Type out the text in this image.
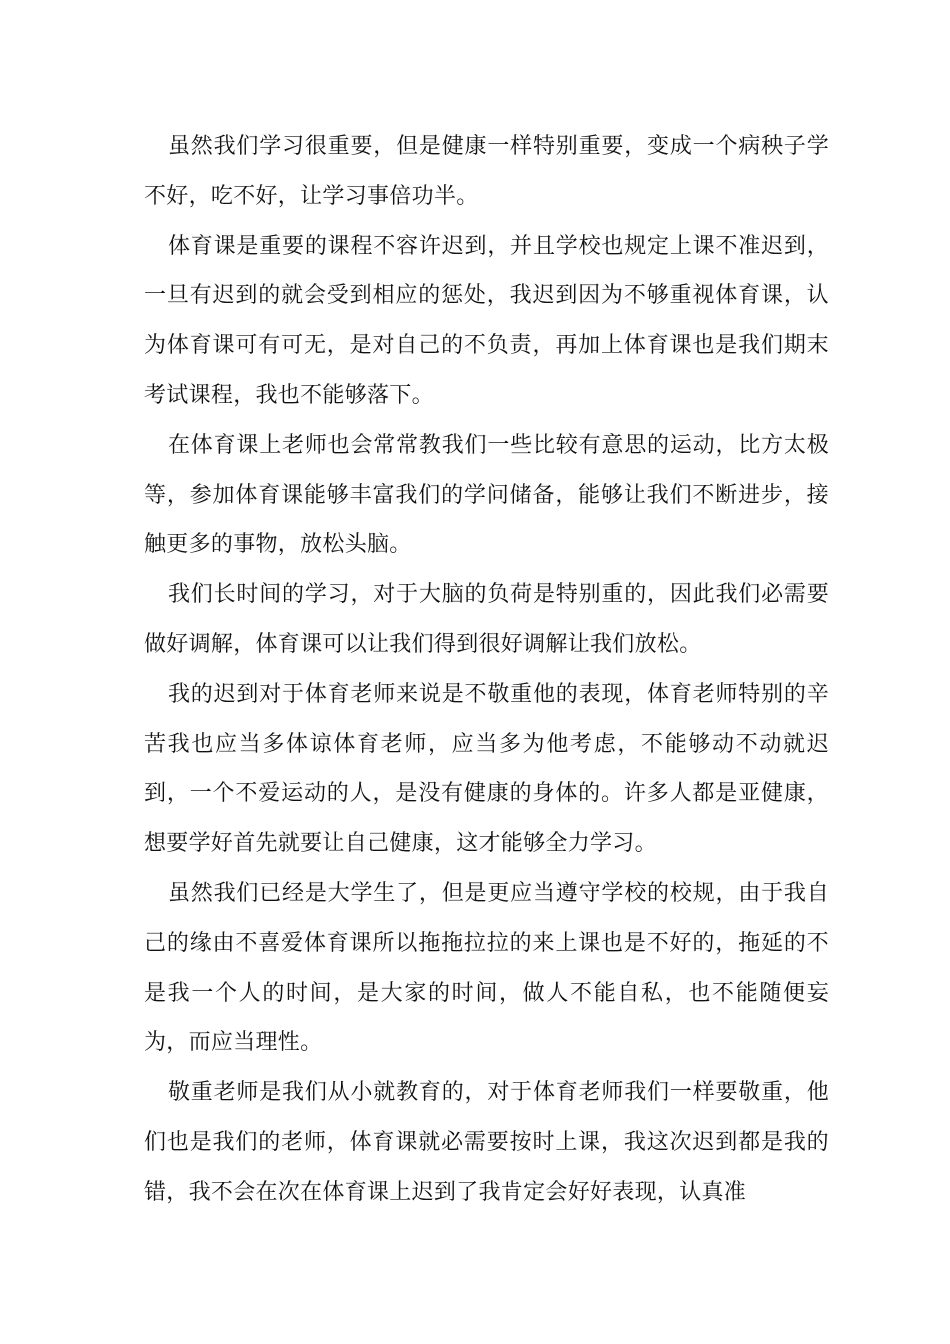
虽然我们学习很重要，但是健康一样特别重要，变成一个病秧子学不好，吃不好，让学习事倍功半。

体育课是重要的课程不容许迟到，并且学校也规定上课不准迟到，一旦有迟到的就会受到相应的惩处，我迟到因为不够重视体育课，认为体育课可有可无，是对自己的不负责，再加上体育课也是我们期末考试课程，我也不能够落下。

在体育课上老师也会常常教我们一些比较有意思的运动，比方太极等，参加体育课能够丰富我们的学问储备，能够让我们不断进步，接触更多的事物，放松头脑。

我们长时间的学习，对于大脑的负荷是特别重的，因此我们必需要做好调解，体育课可以让我们得到很好调解让我们放松。

我的迟到对于体育老师来说是不敬重他的表现，体育老师特别的辛苦我也应当多体谅体育老师，应当多为他考虑，不能够动不动就迟到，一个不爱运动的人，是没有健康的身体的。许多人都是亚健康，想要学好首先就要让自己健康，这才能够全力学习。

虽然我们已经是大学生了，但是更应当遵守学校的校规，由于我自己的缘由不喜爱体育课所以拖拖拉拉的来上课也是不好的，拖延的不是我一个人的时间，是大家的时间，做人不能自私，也不能随便妄为，而应当理性。

敬重老师是我们从小就教育的，对于体育老师我们一样要敬重，他们也是我们的老师，体育课就必需要按时上课，我这次迟到都是我的错，我不会在次在体育课上迟到了我肯定会好好表现，认真准
